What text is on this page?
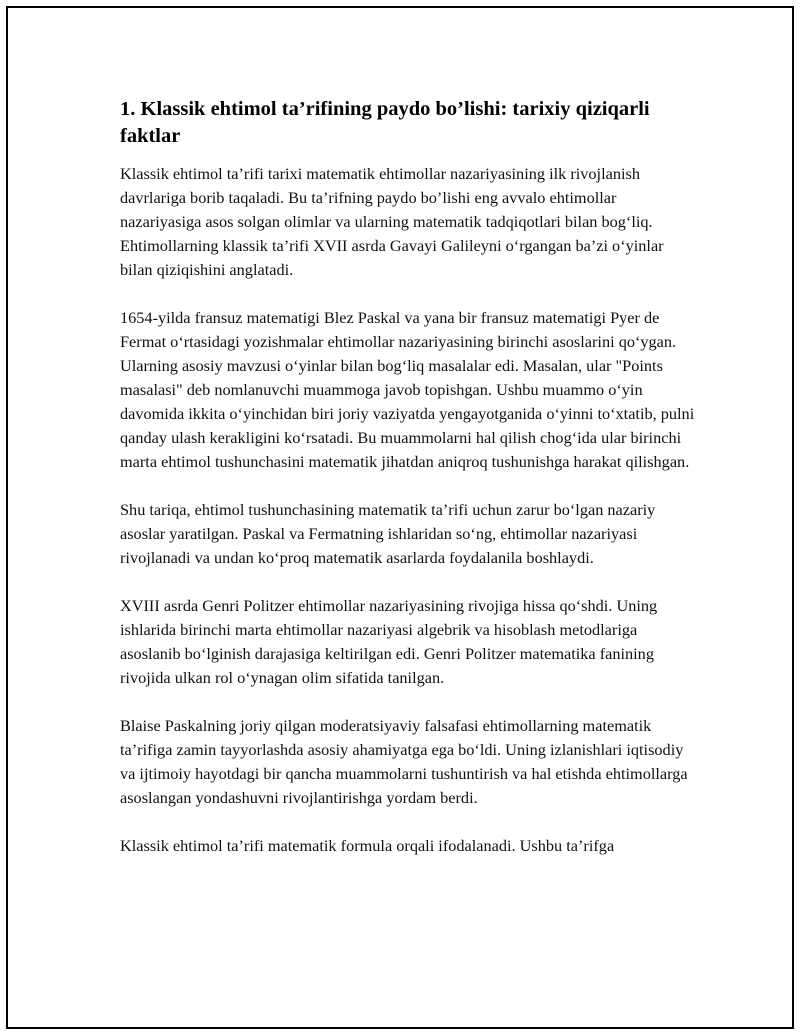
1. Klassik ehtimol ta’rifining paydo bo’lishi: tarixiy qiziqarli faktlar

Klassik ehtimol ta’rifi tarixi matematik ehtimollar nazariyasining ilk rivojlanish davrlariga borib taqaladi. Bu ta’rifning paydo bo’lishi eng avvalo ehtimollar nazariyasiga asos solgan olimlar va ularning matematik tadqiqotlari bilan bog‘liq. Ehtimollarning klassik ta’rifi XVII asrda Gavayi Galileyni o‘rgangan ba’zi o‘yinlar bilan qiziqishini anglatadi.

1654-yilda fransuz matematigi Blez Paskal va yana bir fransuz matematigi Pyer de Fermat o‘rtasidagi yozishmalar ehtimollar nazariyasining birinchi asoslarini qo‘ygan. Ularning asosiy mavzusi o‘yinlar bilan bog‘liq masalalar edi. Masalan, ular "Points masalasi" deb nomlanuvchi muammoga javob topishgan. Ushbu muammo o‘yin davomida ikkita o‘yinchidan biri joriy vaziyatda yengayotganida o‘yinni to‘xtatib, pulni qanday ulash kerakligini ko‘rsatadi. Bu muammolarni hal qilish chog‘ida ular birinchi marta ehtimol tushunchasini matematik jihatdan aniqroq tushunishga harakat qilishgan.

Shu tariqa, ehtimol tushunchasining matematik ta’rifi uchun zarur bo‘lgan nazariy asoslar yaratilgan. Paskal va Fermatning ishlaridan so‘ng, ehtimollar nazariyasi rivojlanadi va undan ko‘proq matematik asarlarda foydalanila boshlaydi.

XVIII asrda Genri Politzer ehtimollar nazariyasining rivojiga hissa qo‘shdi. Uning ishlarida birinchi marta ehtimollar nazariyasi algebrik va hisoblash metodlariga asoslanib bo‘lginish darajasiga keltirilgan edi. Genri Politzer matematika fanining rivojida ulkan rol o‘ynagan olim sifatida tanilgan.

Blaise Paskalning joriy qilgan moderatsiyaviy falsafasi ehtimollarning matematik ta’rifiga zamin tayyorlashda asosiy ahamiyatga ega bo‘ldi. Uning izlanishlari iqtisodiy va ijtimoiy hayotdagi bir qancha muammolarni tushuntirish va hal etishda ehtimollarga asoslangan yondashuvni rivojlantirishga yordam berdi.

Klassik ehtimol ta’rifi matematik formula orqali ifodalanadi. Ushbu ta’rifga
